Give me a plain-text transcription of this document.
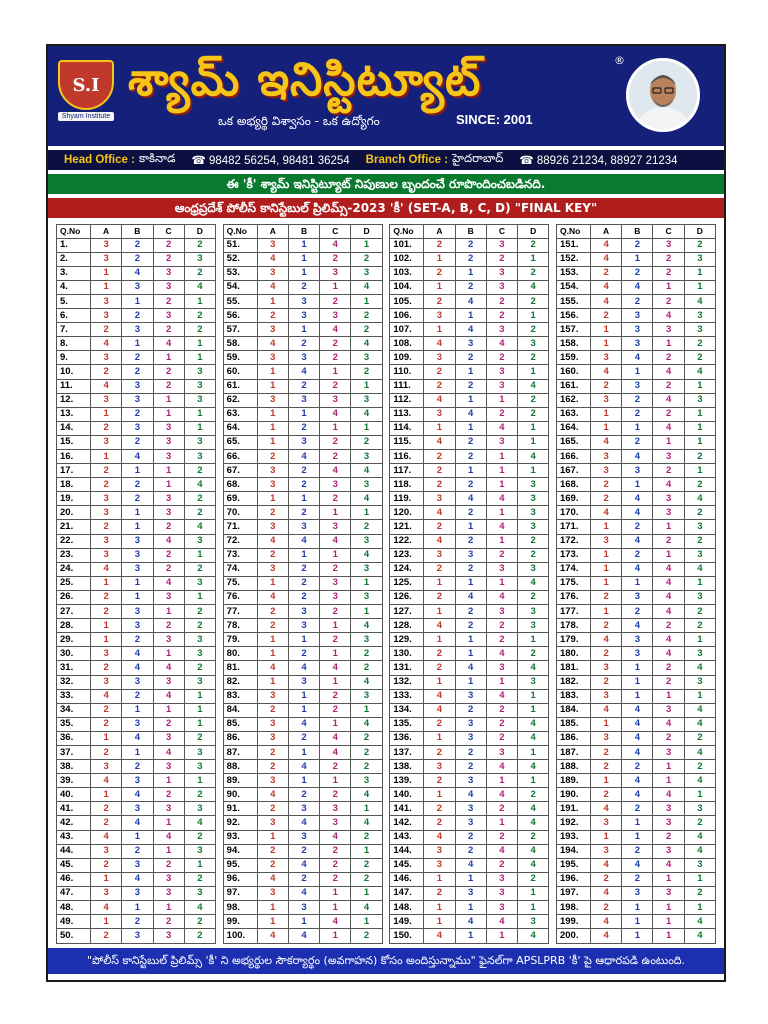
S.I
Shyam Institute
శ్యామ్ ఇనిస్టిట్యూట్	®
ఒక అభ్యర్థి విశ్వాసం - ఒక ఉద్యోగం	SINCE: 2001
Head Office : కాకినాడ ☎ 98482 56254, 98481 36254 Branch Office : హైదరాబాద్ ☎ 88926 21234, 88927 21234
ఈ 'కీ' శ్యామ్ ఇనిస్టిట్యూట్ నిపుణుల బృందంచే రూపొందించబడినది.
ఆంధ్రప్రదేశ్ పోలీస్ కానిస్టేబుల్ ప్రిలిమ్స్-2023 'కీ' (SET-A, B, C, D) "FINAL KEY"
Q.No	A	B	C	D
1.	3	2	2	2
2.	3	2	2	3
3.	1	4	3	2
4.	1	3	3	4
5.	3	1	2	1
6.	3	2	3	2
7.	2	3	2	2
8.	4	1	4	1
9.	3	2	1	1
10.	2	2	2	3
11.	4	3	2	3
12.	3	3	1	3
13.	1	2	1	1
14.	2	3	3	1
15.	3	2	3	3
16.	1	4	3	3
17.	2	1	1	2
18.	2	2	1	4
19.	3	2	3	2
20.	3	1	3	2
21.	2	1	2	4
22.	3	3	4	3
23.	3	3	2	1
24.	4	3	2	2
25.	1	1	4	3
26.	2	1	3	1
27.	2	3	1	2
28.	1	3	2	2
29.	1	2	3	3
30.	3	4	1	3
31.	2	4	4	2
32.	3	3	3	3
33.	4	2	4	1
34.	2	1	1	1
35.	2	3	2	1
36.	1	4	3	2
37.	2	1	4	3
38.	3	2	3	3
39.	4	3	1	1
40.	1	4	2	2
41.	2	3	3	3
42.	2	4	1	4
43.	4	1	4	2
44.	3	2	1	3
45.	2	3	2	1
46.	1	4	3	2
47.	3	3	3	3
48.	4	1	1	4
49.	1	2	2	2
50.	2	3	3	2
Q.No	A	B	C	D
51.	3	1	4	1
52.	4	1	2	2
53.	3	1	3	3
54.	4	2	1	4
55.	1	3	2	1
56.	2	3	3	2
57.	3	1	4	2
58.	4	2	2	4
59.	3	3	2	3
60.	1	4	1	2
61.	1	2	2	1
62.	3	3	3	3
63.	1	1	4	4
64.	1	2	1	1
65.	1	3	2	2
66.	2	4	2	3
67.	3	2	4	4
68.	3	2	3	3
69.	1	1	2	4
70.	2	2	1	1
71.	3	3	3	2
72.	4	4	4	3
73.	2	1	1	4
74.	3	2	2	3
75.	1	2	3	1
76.	4	2	3	3
77.	2	3	2	1
78.	2	3	1	4
79.	1	1	2	3
80.	1	2	1	2
81.	4	4	4	2
82.	1	3	1	4
83.	3	1	2	3
84.	2	1	2	1
85.	3	4	1	4
86.	3	2	4	2
87.	2	1	4	2
88.	2	4	2	2
89.	3	1	1	3
90.	4	2	2	4
91.	2	3	3	1
92.	3	4	3	4
93.	1	3	4	2
94.	2	2	2	1
95.	2	4	2	2
96.	4	2	2	2
97.	3	4	1	1
98.	1	3	1	4
99.	1	1	4	1
100.	4	4	1	2
Q.No	A	B	C	D
101.	2	2	3	2
102.	1	2	2	1
103.	2	1	3	2
104.	1	2	3	4
105.	2	4	2	2
106.	3	1	2	1
107.	1	4	3	2
108.	4	3	4	3
109.	3	2	2	2
110.	2	1	3	1
111.	2	2	3	4
112.	4	1	1	2
113.	3	4	2	2
114.	1	1	4	1
115.	4	2	3	1
116.	2	2	1	4
117.	2	1	1	1
118.	2	2	1	3
119.	3	4	4	3
120.	4	2	1	3
121.	2	1	4	3
122.	4	2	1	2
123.	3	3	2	2
124.	2	2	3	3
125.	1	1	1	4
126.	2	4	4	2
127.	1	2	3	3
128.	4	2	2	3
129.	1	1	2	1
130.	2	1	4	2
131.	2	4	3	4
132.	1	1	1	3
133.	4	3	4	1
134.	4	2	2	1
135.	2	3	2	4
136.	1	3	2	4
137.	2	2	3	1
138.	3	2	4	4
139.	2	3	1	1
140.	1	4	4	2
141.	2	3	2	4
142.	2	3	1	4
143.	4	2	2	2
144.	3	2	4	4
145.	3	4	2	4
146.	1	1	3	2
147.	2	3	3	1
148.	1	1	3	1
149.	1	4	4	3
150.	4	1	1	4
Q.No	A	B	C	D
151.	4	2	3	2
152.	4	1	2	3
153.	2	2	2	1
154.	4	4	1	1
155.	4	2	2	4
156.	2	3	4	3
157.	1	3	3	3
158.	1	3	1	2
159.	3	4	2	2
160.	4	1	4	4
161.	2	3	2	1
162.	3	2	4	3
163.	1	2	2	1
164.	1	1	4	1
165.	4	2	1	1
166.	3	4	3	2
167.	3	3	2	1
168.	2	1	4	2
169.	2	4	3	4
170.	4	4	3	2
171.	1	2	1	3
172.	3	4	2	2
173.	1	2	1	3
174.	1	4	4	4
175.	1	1	4	1
176.	2	3	4	3
177.	1	2	4	2
178.	2	4	2	2
179.	4	3	4	1
180.	2	3	4	3
181.	3	1	2	4
182.	2	1	2	3
183.	3	1	1	1
184.	4	4	3	4
185.	1	4	4	4
186.	3	4	2	2
187.	2	4	3	4
188.	2	2	1	2
189.	1	4	1	4
190.	2	4	4	1
191.	4	2	3	3
192.	3	1	3	2
193.	1	1	2	4
194.	3	2	3	4
195.	4	4	4	3
196.	2	2	1	1
197.	4	3	3	2
198.	2	1	1	1
199.	4	1	1	4
200.	4	1	1	4
"పోలీస్ కానిస్టేబుల్ ప్రిలిమ్స్ 'కీ' ని అభ్యర్థుల సౌకర్యార్థం (అవగాహన) కోసం అందిస్తున్నాము" ఫైనల్‌గా APSLPRB 'కీ' పై ఆధారపడి ఉంటుంది.
